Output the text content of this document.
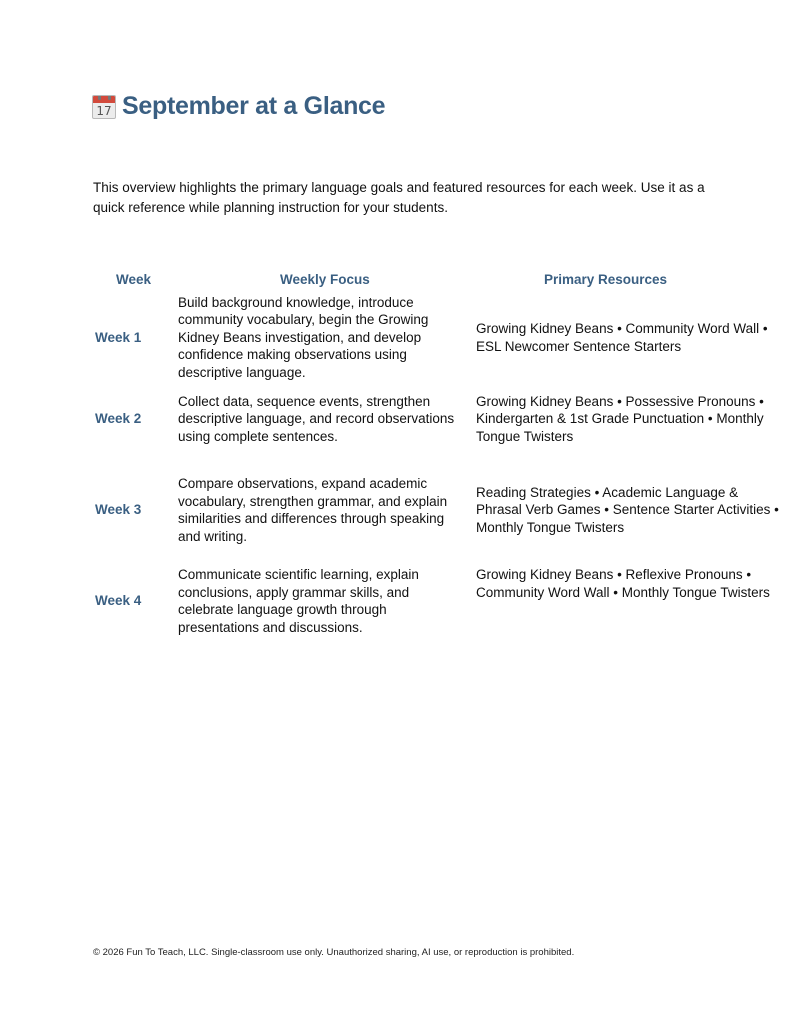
17 September at a Glance
This overview highlights the primary language goals and featured resources for each week. Use it as a quick reference while planning instruction for your students.
Week	Weekly Focus	Primary Resources
Week 1
Build background knowledge, introduce community vocabulary, begin the Growing Kidney Beans investigation, and develop confidence making observations using descriptive language.
Growing Kidney Beans • Community Word Wall • ESL Newcomer Sentence Starters
Week 2
Collect data, sequence events, strengthen descriptive language, and record observations using complete sentences.
Growing Kidney Beans • Possessive Pronouns • Kindergarten & 1st Grade Punctuation • Monthly Tongue Twisters
Week 3
Compare observations, expand academic vocabulary, strengthen grammar, and explain similarities and differences through speaking and writing.
Reading Strategies • Academic Language & Phrasal Verb Games • Sentence Starter Activities • Monthly Tongue Twisters
Week 4
Communicate scientific learning, explain conclusions, apply grammar skills, and celebrate language growth through presentations and discussions.
Growing Kidney Beans • Reflexive Pronouns • Community Word Wall • Monthly Tongue Twisters
© 2026 Fun To Teach, LLC. Single-classroom use only. Unauthorized sharing, AI use, or reproduction is prohibited.
